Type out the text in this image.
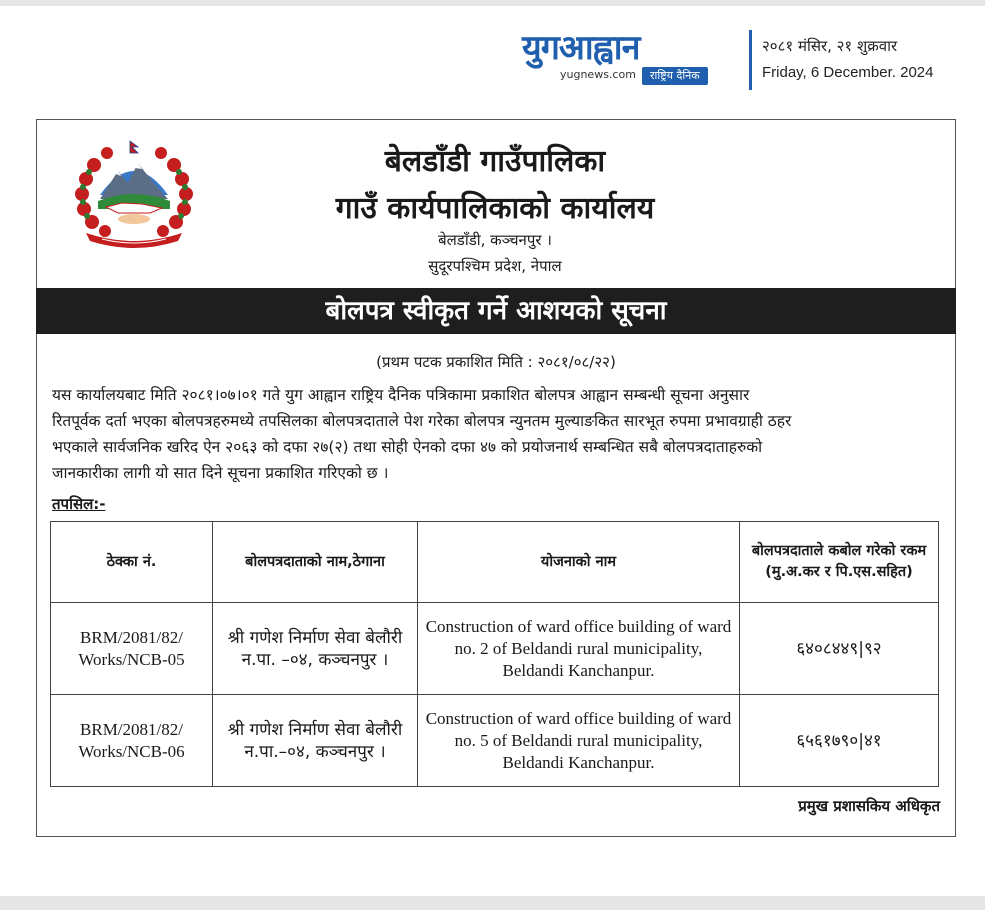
युगआह्वान
yugnews.com	राष्ट्रिय दैनिक
२०८१ मंसिर, २१ शुक्रवार
Friday, 6 December. 2024
बेलडाँडी गाउँपालिका
गाउँ कार्यपालिकाको कार्यालय
बेलडाँडी, कञ्चनपुर ।
सुदूरपश्चिम प्रदेश, नेपाल
बोलपत्र स्वीकृत गर्ने आशयको सूचना
(प्रथम पटक प्रकाशित मिति : २०८१/०८/२२)
यस कार्यालयबाट मिति २०८१।०७।०१ गते युग आह्वान राष्ट्रिय दैनिक पत्रिकामा प्रकाशित बोलपत्र आह्वान सम्बन्धी सूचना अनुसार
रितपूर्वक दर्ता भएका बोलपत्रहरुमध्ये तपसिलका बोलपत्रदाताले पेश गरेका बोलपत्र न्युनतम मुल्याङकित सारभूत रुपमा प्रभावग्राही ठहर
भएकाले सार्वजनिक खरिद ऐन २०६३ को दफा २७(२) तथा सोही ऐनको दफा ४७ को प्रयोजनार्थ सम्बन्धित सबै बोलपत्रदाताहरुको
जानकारीका लागी यो सात दिने सूचना प्रकाशित गरिएको छ ।
तपसिल:-
ठेक्का नं.	बोलपत्रदाताको नाम,ठेगाना	योजनाको नाम	बोलपत्रदाताले कबोल गरेको रकम (मु.अ.कर र पि.एस.सहित)
BRM/2081/82/ Works/NCB-05	श्री गणेश निर्माण सेवा बेलौरी न.पा. –०४, कञ्चनपुर ।	Construction of ward office building of ward no. 2 of Beldandi rural municipality, Beldandi Kanchanpur.	६४०८४४९|९२
BRM/2081/82/ Works/NCB-06	श्री गणेश निर्माण सेवा बेलौरी न.पा.–०४, कञ्चनपुर ।	Construction of ward office building of ward no. 5 of Beldandi rural municipality, Beldandi Kanchanpur.	६५६१७९०|४१
प्रमुख प्रशासकिय अधिकृत
